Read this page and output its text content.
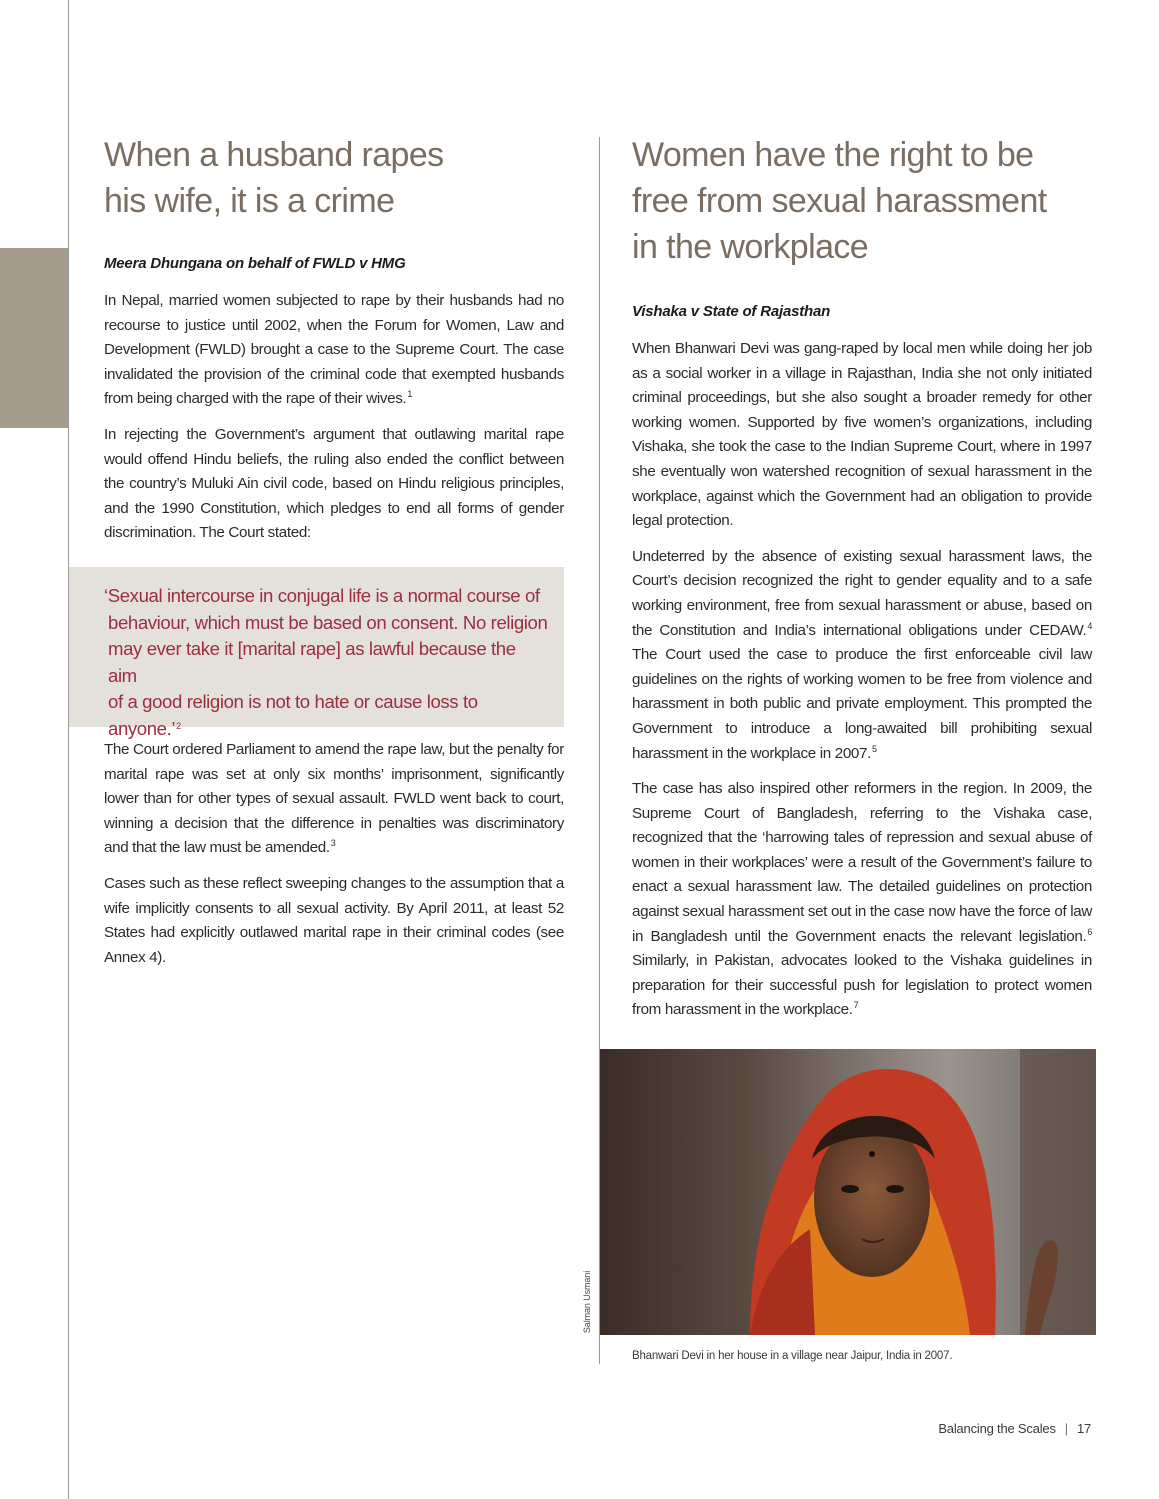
When a husband rapes
his wife, it is a crime
Meera Dhungana on behalf of FWLD v HMG

In Nepal, married women subjected to rape by their husbands had no recourse to justice until 2002, when the Forum for Women, Law and Development (FWLD) brought a case to the Supreme Court. The case invalidated the provision of the criminal code that exempted husbands from being charged with the rape of their wives.$^1$

In rejecting the Government’s argument that outlawing marital rape would offend Hindu beliefs, the ruling also ended the conflict between the country’s Muluki Ain civil code, based on Hindu religious principles, and the 1990 Constitution, which pledges to end all forms of gender discrimination. The Court stated:

‘Sexual intercourse in conjugal life is a normal course of
behaviour, which must be based on consent. No religion
may ever take it [marital rape] as lawful because the aim
of a good religion is not to hate or cause loss to anyone.’$^2$

The Court ordered Parliament to amend the rape law, but the penalty for marital rape was set at only six months’ imprisonment, significantly lower than for other types of sexual assault. FWLD went back to court, winning a decision that the difference in penalties was discriminatory and that the law must be amended.$^3$

Cases such as these reflect sweeping changes to the assumption that a wife implicitly consents to all sexual activity. By April 2011, at least 52 States had explicitly outlawed marital rape in their criminal codes (see Annex 4).

Women have the right to be
free from sexual harassment
in the workplace
Vishaka v State of Rajasthan

When Bhanwari Devi was gang-raped by local men while doing her job as a social worker in a village in Rajasthan, India she not only initiated criminal proceedings, but she also sought a broader remedy for other working women. Supported by five women’s organizations, including Vishaka, she took the case to the Indian Supreme Court, where in 1997 she eventually won watershed recognition of sexual harassment in the workplace, against which the Government had an obligation to provide legal protection.

Undeterred by the absence of existing sexual harassment laws, the Court’s decision recognized the right to gender equality and to a safe working environment, free from sexual harassment or abuse, based on the Constitution and India’s international obligations under CEDAW.$^4$ The Court used the case to produce the first enforceable civil law guidelines on the rights of working women to be free from violence and harassment in both public and private employment. This prompted the Government to introduce a long-awaited bill prohibiting sexual harassment in the workplace in 2007.$^5$

The case has also inspired other reformers in the region. In 2009, the Supreme Court of Bangladesh, referring to the Vishaka case, recognized that the ‘harrowing tales of repression and sexual abuse of women in their workplaces’ were a result of the Government’s failure to enact a sexual harassment law. The detailed guidelines on protection against sexual harassment set out in the case now have the force of law in Bangladesh until the Government enacts the relevant legislation.$^6$ Similarly, in Pakistan, advocates looked to the Vishaka guidelines in preparation for their successful push for legislation to protect women from harassment in the workplace.$^7$

Salman Usmani
Bhanwari Devi in her house in a village near Jaipur, India in 2007.
Balancing the Scales | 17
